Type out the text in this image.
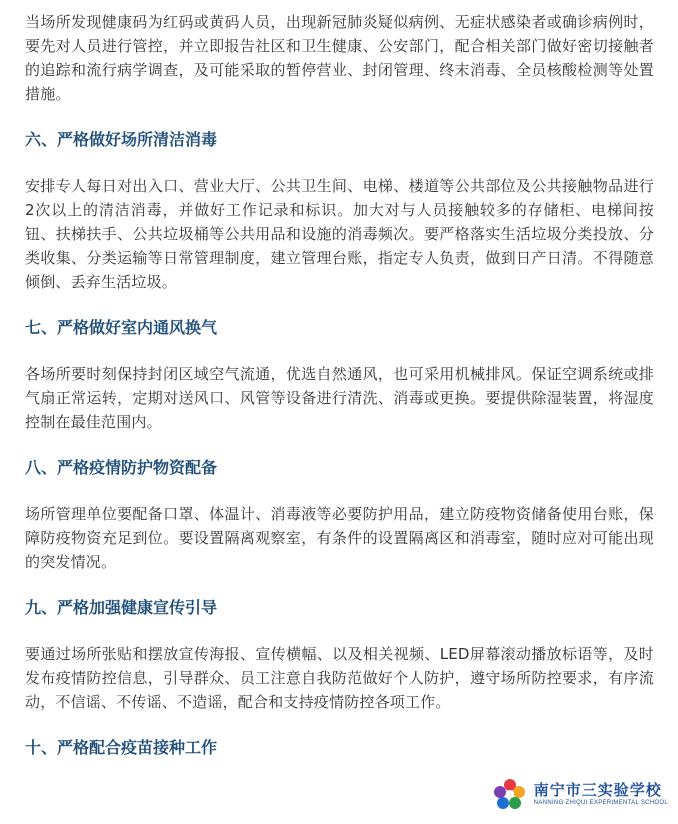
当场所发现健康码为红码或黄码人员，出现新冠肺炎疑似病例、无症状感染者或确诊病例时，要先对人员进行管控，并立即报告社区和卫生健康、公安部门，配合相关部门做好密切接触者的追踪和流行病学调查，及可能采取的暂停营业、封闭管理、终末消毒、全员核酸检测等处置措施。

六、严格做好场所清洁消毒

安排专人每日对出入口、营业大厅、公共卫生间、电梯、楼道等公共部位及公共接触物品进行2次以上的清洁消毒，并做好工作记录和标识。加大对与人员接触较多的存储柜、电梯间按钮、扶梯扶手、公共垃圾桶等公共用品和设施的消毒频次。要严格落实生活垃圾分类投放、分类收集、分类运输等日常管理制度，建立管理台账，指定专人负责，做到日产日清。不得随意倾倒、丢弃生活垃圾。

七、严格做好室内通风换气

各场所要时刻保持封闭区域空气流通，优选自然通风，也可采用机械排风。保证空调系统或排气扇正常运转，定期对送风口、风管等设备进行清洗、消毒或更换。要提供除湿装置，将湿度控制在最佳范围内。

八、严格疫情防护物资配备

场所管理单位要配备口罩、体温计、消毒液等必要防护用品，建立防疫物资储备使用台账，保障防疫物资充足到位。要设置隔离观察室，有条件的设置隔离区和消毒室，随时应对可能出现的突发情况。

九、严格加强健康宣传引导

要通过场所张贴和摆放宣传海报、宣传横幅、以及相关视频、LED屏幕滚动播放标语等，及时发布疫情防控信息，引导群众、员工注意自我防范做好个人防护，遵守场所防控要求，有序流动，不信谣、不传谣、不造谣，配合和支持疫情防控各项工作。

十、严格配合疫苗接种工作
南宁市三实验学校
NANNING ZHIQUI EXPERIMENTAL SCHOOL
